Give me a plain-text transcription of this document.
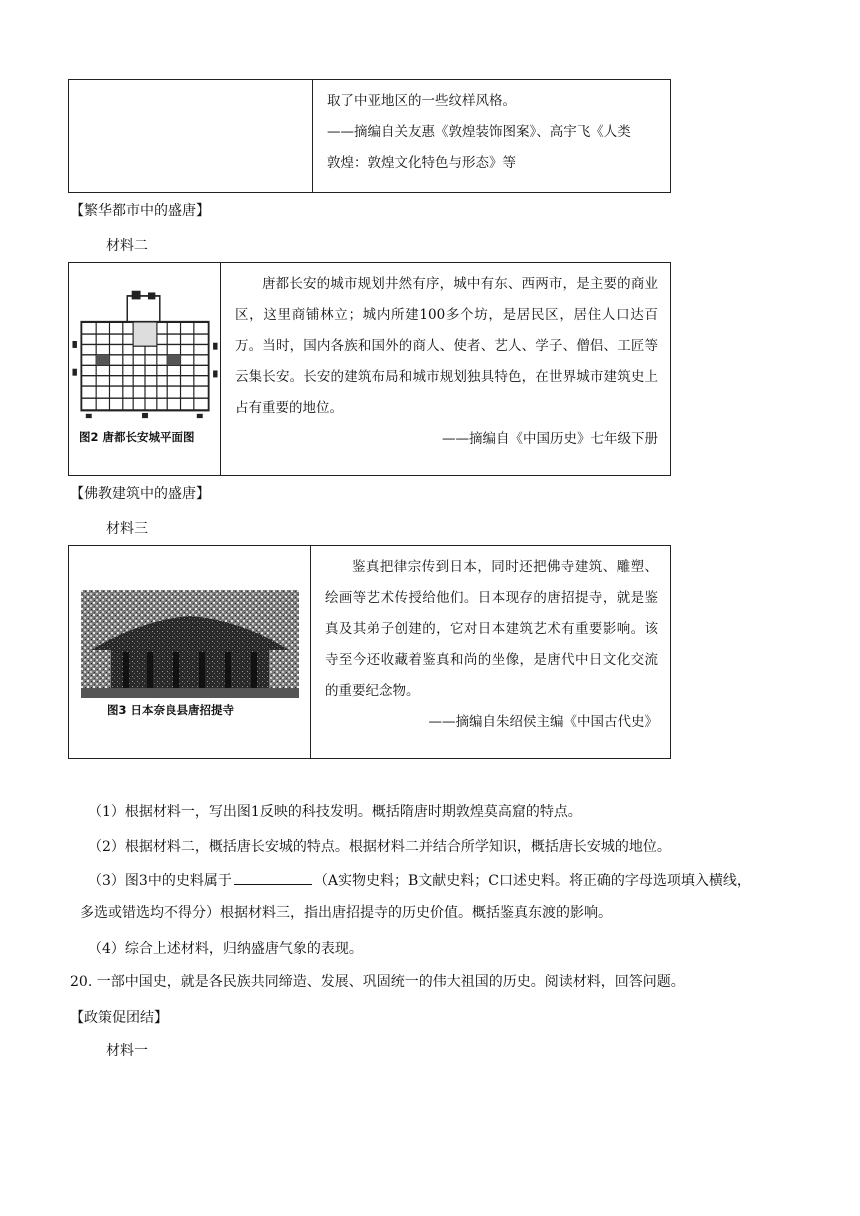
取了中亚地区的一些纹样风格。

——摘编自关友惠《敦煌装饰图案》、高宇飞《人类

敦煌：敦煌文化特色与形态》等

【繁华都市中的盛唐】
材料二
图2 唐都长安城平面图

唐都长安的城市规划井然有序，城中有东、西两市，是主要的商业区，这里商铺林立；城内所建100多个坊，是居民区，居住人口达百万。当时，国内各族和国外的商人、使者、艺人、学子、僧侣、工匠等云集长安。长安的建筑布局和城市规划独具特色，在世界城市建筑史上占有重要的地位。

——摘编自《中国历史》七年级下册

【佛教建筑中的盛唐】
材料三
图3 日本奈良县唐招提寺

鉴真把律宗传到日本，同时还把佛寺建筑、雕塑、绘画等艺术传授给他们。日本现存的唐招提寺，就是鉴真及其弟子创建的，它对日本建筑艺术有重要影响。该寺至今还收藏着鉴真和尚的坐像，是唐代中日文化交流的重要纪念物。

——摘编自朱绍侯主编《中国古代史》

（1）根据材料一，写出图1反映的科技发明。概括隋唐时期敦煌莫高窟的特点。

（2）根据材料二，概括唐长安城的特点。根据材料二并结合所学知识，概括唐长安城的地位。

（3）图3中的史料属于	（A实物史料；B文献史料；C口述史料。将正确的字母选项填入横线，

多选或错选均不得分）根据材料三，指出唐招提寺的历史价值。概括鉴真东渡的影响。

（4）综合上述材料，归纳盛唐气象的表现。

20. 一部中国史，就是各民族共同缔造、发展、巩固统一的伟大祖国的历史。阅读材料，回答问题。

【政策促团结】
材料一
